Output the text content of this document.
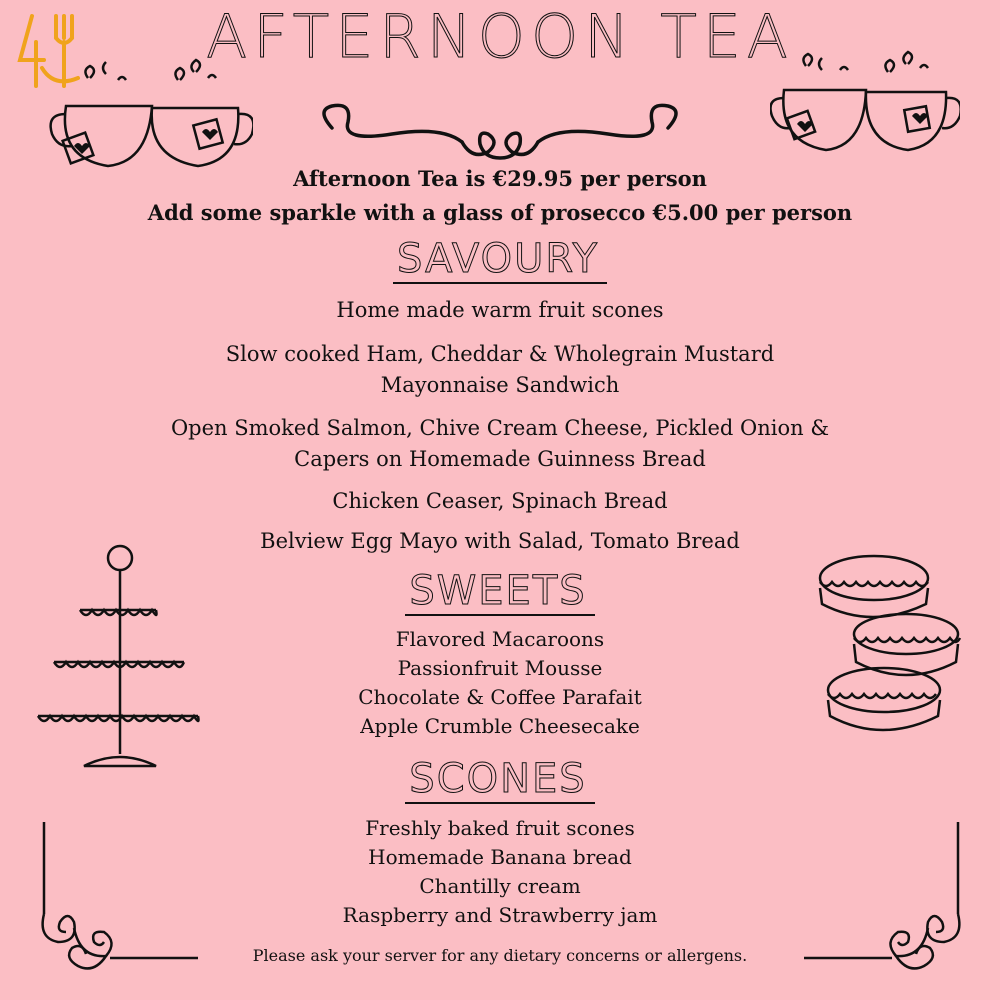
AFTERNOON TEA
Afternoon Tea is €29.95 per person
Add some sparkle with a glass of prosecco €5.00 per person
SAVOURY
Home made warm fruit scones
Slow cooked Ham, Cheddar & Wholegrain Mustard
Mayonnaise Sandwich
Open Smoked Salmon, Chive Cream Cheese, Pickled Onion &
Capers on Homemade Guinness Bread
Chicken Ceaser, Spinach Bread
Belview Egg Mayo with Salad, Tomato Bread
SWEETS
Flavored Macaroons
Passionfruit Mousse
Chocolate & Coffee Parafait
Apple Crumble Cheesecake
SCONES
Freshly baked fruit scones
Homemade Banana bread
Chantilly cream
Raspberry and Strawberry jam
Please ask your server for any dietary concerns or allergens.
